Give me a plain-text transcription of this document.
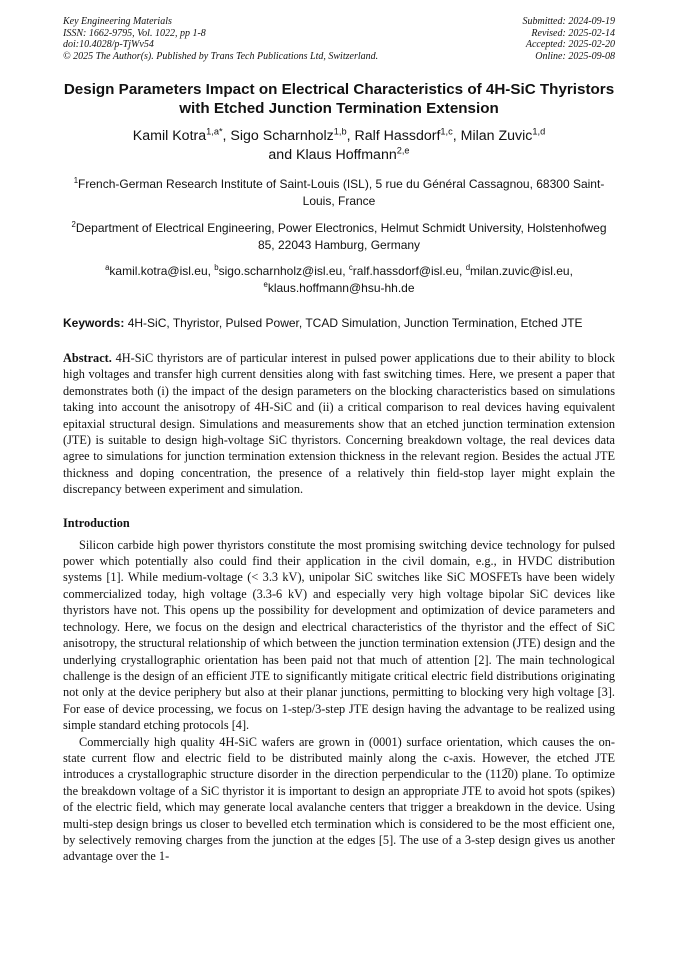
Key Engineering Materials
ISSN: 1662-9795, Vol. 1022, pp 1-8
doi:10.4028/p-TjWv54
© 2025 The Author(s). Published by Trans Tech Publications Ltd, Switzerland.
Submitted: 2024-09-19
Revised: 2025-02-14
Accepted: 2025-02-20
Online: 2025-09-08
Design Parameters Impact on Electrical Characteristics of 4H-SiC Thyristors with Etched Junction Termination Extension
Kamil Kotra$^{1,a*}$, Sigo Scharnholz$^{1,b}$, Ralf Hassdorf$^{1,c}$, Milan Zuvic$^{1,d}$
and Klaus Hoffmann$^{2,e}$
$^1$French-German Research Institute of Saint-Louis (ISL), 5 rue du Général Cassagnou, 68300 Saint-Louis, France
$^2$Department of Electrical Engineering, Power Electronics, Helmut Schmidt University, Holstenhofweg 85, 22043 Hamburg, Germany
$^a$kamil.kotra@isl.eu, $^b$sigo.scharnholz@isl.eu, $^c$ralf.hassdorf@isl.eu, $^d$milan.zuvic@isl.eu,
$^e$klaus.hoffmann@hsu-hh.de
Keywords: 4H-SiC, Thyristor, Pulsed Power, TCAD Simulation, Junction Termination, Etched JTE
Abstract. 4H-SiC thyristors are of particular interest in pulsed power applications due to their ability to block high voltages and transfer high current densities along with fast switching times. Here, we present a paper that demonstrates both (i) the impact of the design parameters on the blocking characteristics based on simulations taking into account the anisotropy of 4H-SiC and (ii) a critical comparison to real devices having equivalent epitaxial structural design. Simulations and measurements show that an etched junction termination extension (JTE) is suitable to design high-voltage SiC thyristors. Concerning breakdown voltage, the real devices data agree to simulations for junction termination extension thickness in the relevant region. Besides the actual JTE thickness and doping concentration, the presence of a relatively thin field-stop layer might explain the discrepancy between experiment and simulation.
Introduction

Silicon carbide high power thyristors constitute the most promising switching device technology for pulsed power which potentially also could find their application in the civil domain, e.g., in HVDC distribution systems [1]. While medium-voltage (< 3.3 kV), unipolar SiC switches like SiC MOSFETs have been widely commercialized today, high voltage (3.3-6 kV) and especially very high voltage bipolar SiC devices like thyristors have not. This opens up the possibility for development and optimization of device parameters and technology. Here, we focus on the design and electrical characteristics of the thyristor and the effect of SiC anisotropy, the structural relationship of which between the junction termination extension (JTE) design and the underlying crystallographic orientation has been paid not that much of attention [2]. The main technological challenge is the design of an efficient JTE to significantly mitigate critical electric field distributions originating not only at the device periphery but also at their planar junctions, permitting to blocking very high voltage [3]. For ease of device processing, we focus on 1-step/3-step JTE design having the advantage to be realized using simple standard etching protocols [4].

Commercially high quality 4H-SiC wafers are grown in (0001) surface orientation, which causes the on-state current flow and electric field to be distributed mainly along the c-axis. However, the etched JTE introduces a crystallographic structure disorder in the direction perpendicular to the (112̅0) plane. To optimize the breakdown voltage of a SiC thyristor it is important to design an appropriate JTE to avoid hot spots (spikes) of the electric field, which may generate local avalanche centers that trigger a breakdown in the device. Using multi-step design brings us closer to bevelled etch termination which is considered to be the most efficient one, by selectively removing charges from the junction at the edges [5]. The use of a 3-step design gives us another advantage over the 1-
